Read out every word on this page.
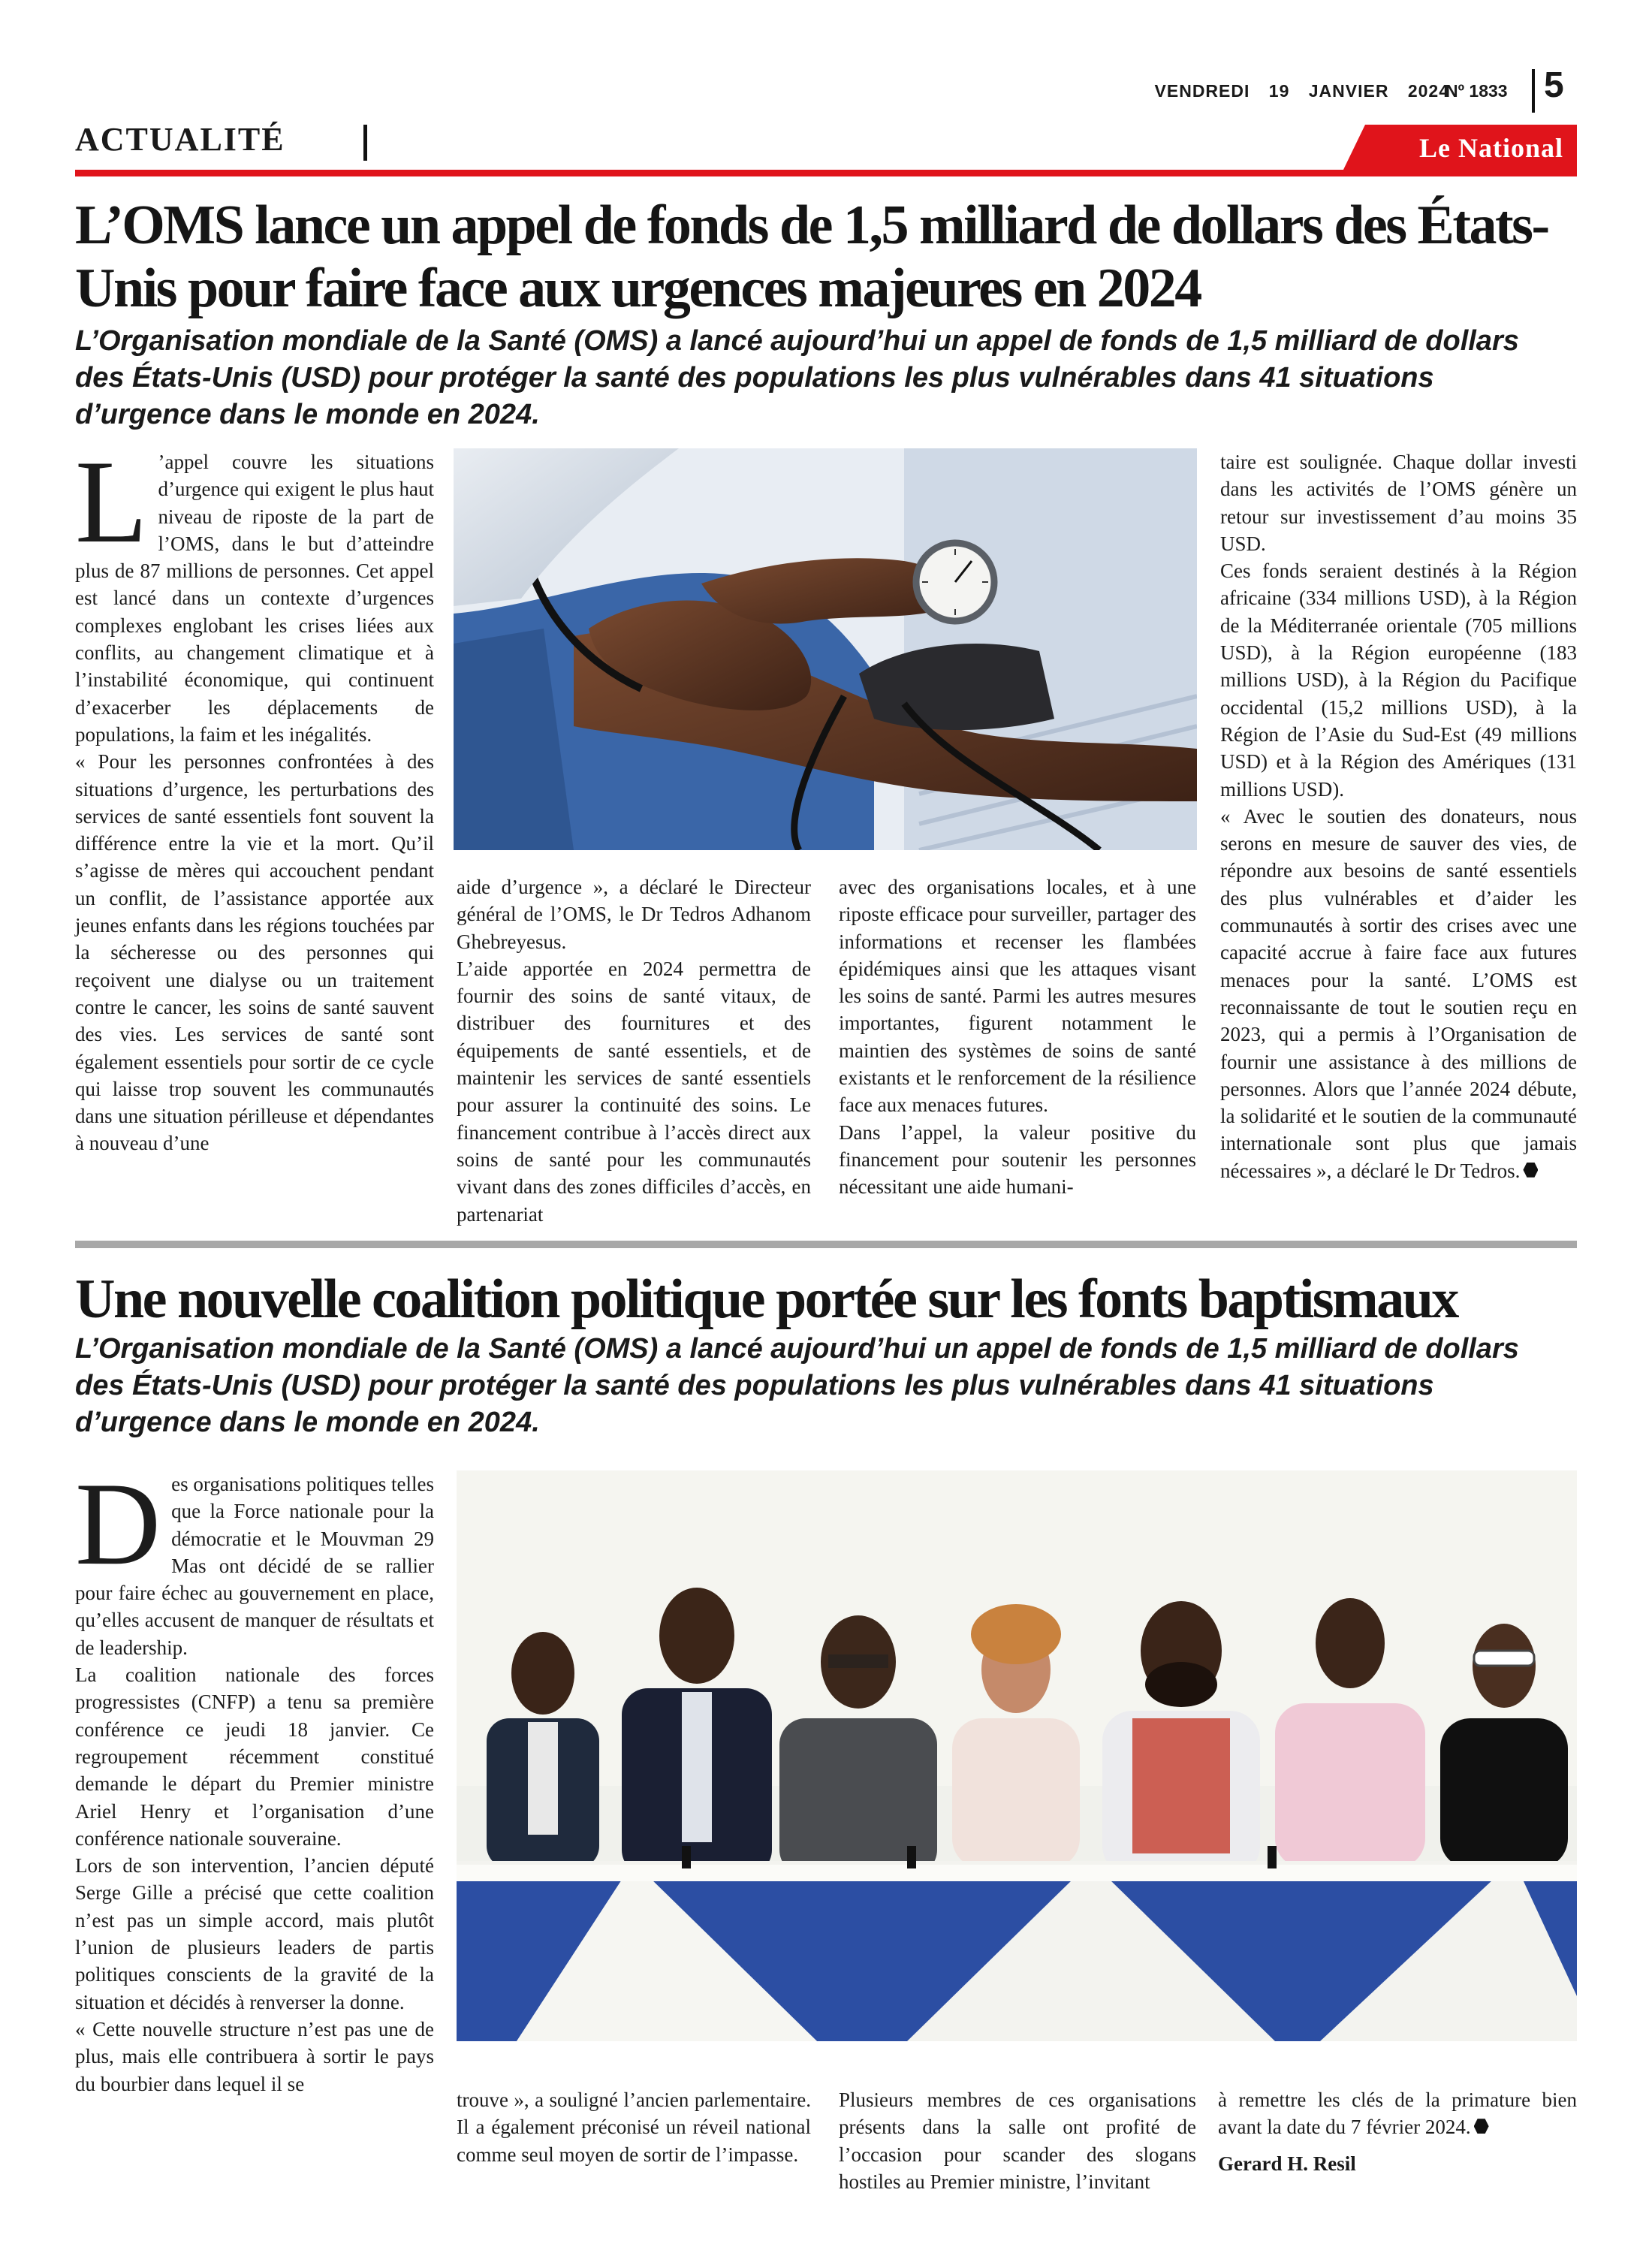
VENDREDI 19 JANVIER 2024
Nº 1833 5
ACTUALITÉ	Le National
L’OMS lance un appel de fonds de 1,5 milliard de dollars des États-Unis pour faire face aux urgences majeures en 2024
L’Organisation mondiale de la Santé (OMS) a lancé aujourd’hui un appel de fonds de 1,5 milliard de dollars des États-Unis (USD) pour protéger la santé des populations les plus vulnérables dans 41 situations d’urgence dans le monde en 2024.
L ’appel couvre les situations d’urgence qui exigent le plus haut niveau de riposte de la part de l’OMS, dans le but d’atteindre plus de 87 millions de personnes. Cet appel est lancé dans un contexte d’urgences complexes englobant les crises liées aux conflits, au changement climatique et à l’instabilité économique, qui continuent d’exacerber les déplacements de populations, la faim et les inégalités.

« Pour les personnes confrontées à des situations d’urgence, les perturbations des services de santé essentiels font souvent la différence entre la vie et la mort. Qu’il s’agisse de mères qui accouchent pendant un conflit, de l’assistance apportée aux jeunes enfants dans les régions touchées par la sécheresse ou des personnes qui reçoivent une dialyse ou un traitement contre le cancer, les soins de santé sauvent des vies. Les services de santé sont également essentiels pour sortir de ce cycle qui laisse trop souvent les communautés dans une situation périlleuse et dépendantes à nouveau d’une

aide d’urgence », a déclaré le Directeur général de l’OMS, le Dr Tedros Adhanom Ghebreyesus.

L’aide apportée en 2024 permettra de fournir des soins de santé vitaux, de distribuer des fournitures et des équipements de santé essentiels, et de maintenir les services de santé essentiels pour assurer la continuité des soins. Le financement contribue à l’accès direct aux soins de santé pour les communautés vivant dans des zones difficiles d’accès, en partenariat

avec des organisations locales, et à une riposte efficace pour surveiller, partager des informations et recenser les flambées épidémiques ainsi que les attaques visant les soins de santé. Parmi les autres mesures importantes, figurent notamment le maintien des systèmes de soins de santé existants et le renforcement de la résilience face aux menaces futures.

Dans l’appel, la valeur positive du financement pour soutenir les personnes nécessitant une aide humani-

taire est soulignée. Chaque dollar investi dans les activités de l’OMS génère un retour sur investissement d’au moins 35 USD.

Ces fonds seraient destinés à la Région africaine (334 millions USD), à la Région de la Méditerranée orientale (705 millions USD), à la Région européenne (183 millions USD), à la Région du Pacifique occidental (15,2 millions USD), à la Région de l’Asie du Sud-Est (49 millions USD) et à la Région des Amériques (131 millions USD).

« Avec le soutien des donateurs, nous serons en mesure de sauver des vies, de répondre aux besoins de santé essentiels des plus vulnérables et d’aider les communautés à sortir des crises avec une capacité accrue à faire face aux futures menaces pour la santé. L’OMS est reconnaissante de tout le soutien reçu en 2023, qui a permis à l’Organisation de fournir une assistance à des millions de personnes. Alors que l’année 2024 débute, la solidarité et le soutien de la communauté internationale sont plus que jamais nécessaires », a déclaré le Dr Tedros.

Une nouvelle coalition politique portée sur les fonts baptismaux
L’Organisation mondiale de la Santé (OMS) a lancé aujourd’hui un appel de fonds de 1,5 milliard de dollars des États-Unis (USD) pour protéger la santé des populations les plus vulnérables dans 41 situations d’urgence dans le monde en 2024.
D es organisations politiques telles que la Force nationale pour la démocratie et le Mouvman 29 Mas ont décidé de se rallier pour faire échec au gouvernement en place, qu’elles accusent de manquer de résultats et de leadership.

La coalition nationale des forces progressistes (CNFP) a tenu sa première conférence ce jeudi 18 janvier. Ce regroupement récemment constitué demande le départ du Premier ministre Ariel Henry et l’organisation d’une conférence nationale souveraine.

Lors de son intervention, l’ancien député Serge Gille a précisé que cette coalition n’est pas un simple accord, mais plutôt l’union de plusieurs leaders de partis politiques conscients de la gravité de la situation et décidés à renverser la donne.

« Cette nouvelle structure n’est pas une de plus, mais elle contribuera à sortir le pays du bourbier dans lequel il se

trouve », a souligné l’ancien parlementaire. Il a également préconisé un réveil national comme seul moyen de sortir de l’impasse.

Plusieurs membres de ces organisations présents dans la salle ont profité de l’occasion pour scander des slogans hostiles au Premier ministre, l’invitant

à remettre les clés de la primature bien avant la date du 7 février 2024.

Gerard H. Resil
